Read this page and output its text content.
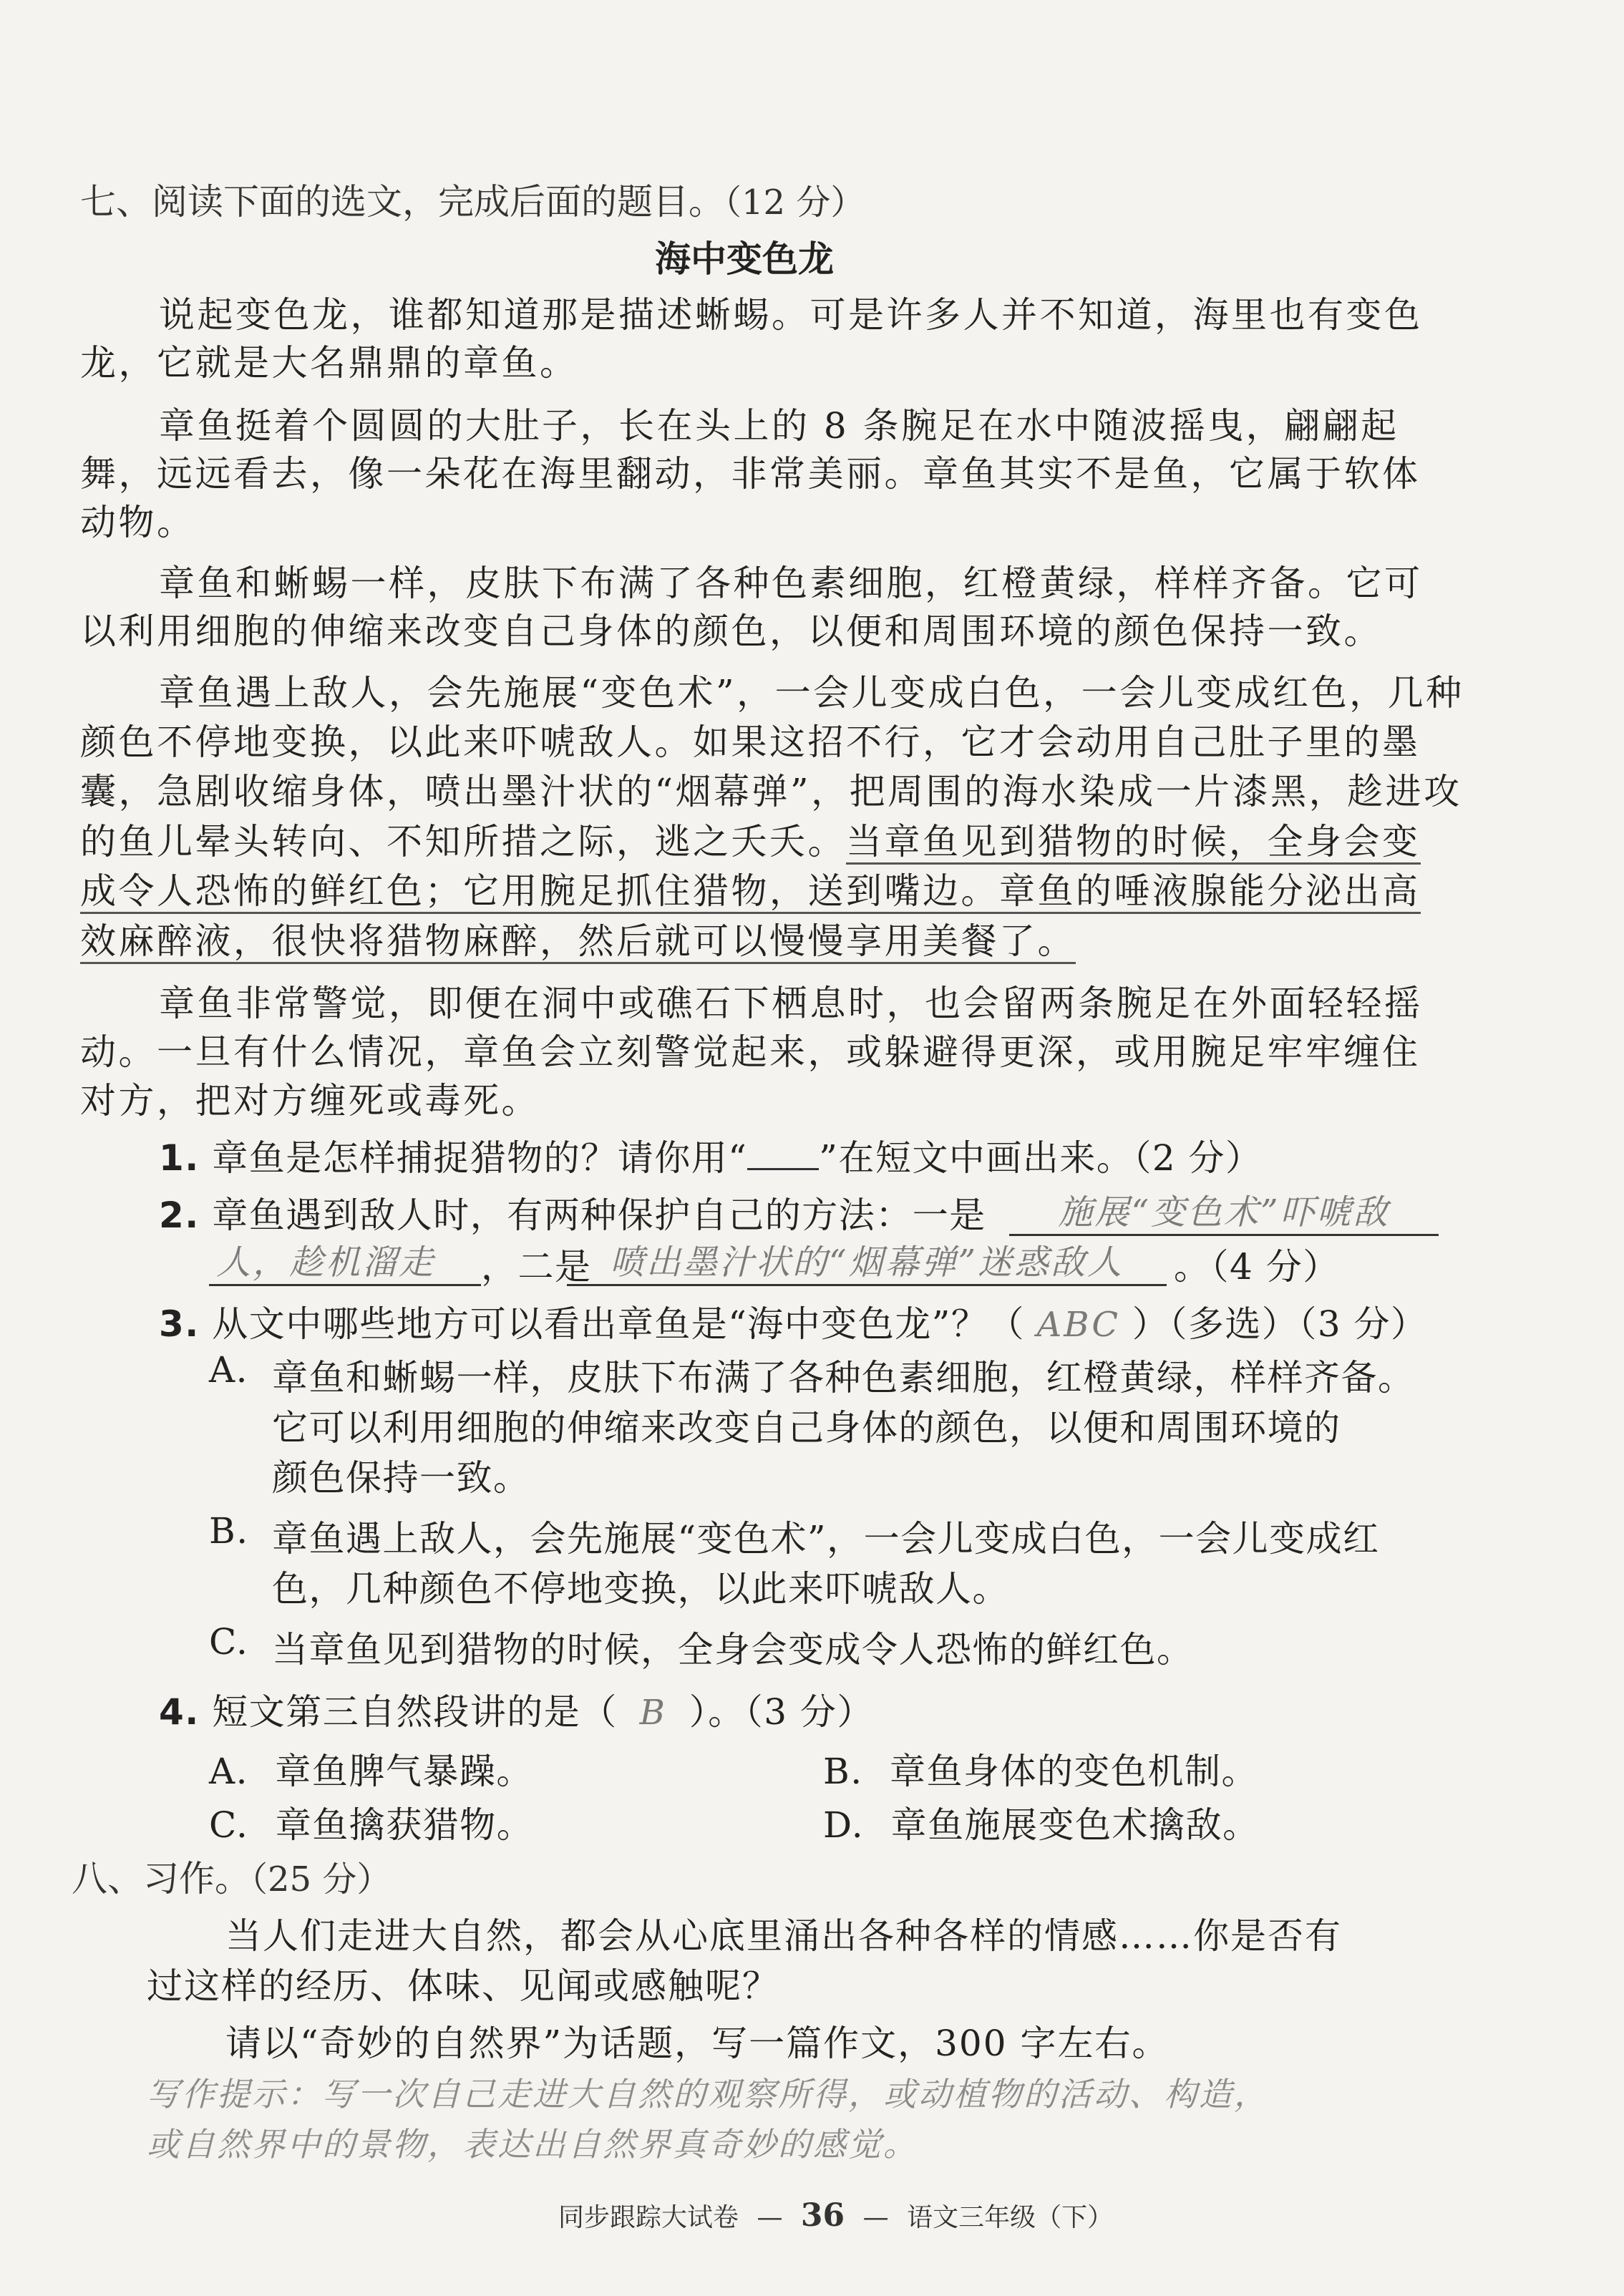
七、阅读下面的选文，完成后面的题目。（12 分）
海中变色龙
说起变色龙，谁都知道那是描述蜥蜴。可是许多人并不知道，海里也有变色
龙，它就是大名鼎鼎的章鱼。
章鱼挺着个圆圆的大肚子，长在头上的 8 条腕足在水中随波摇曳，翩翩起
舞，远远看去，像一朵花在海里翻动，非常美丽。章鱼其实不是鱼，它属于软体
动物。
章鱼和蜥蜴一样，皮肤下布满了各种色素细胞，红橙黄绿，样样齐备。它可
以利用细胞的伸缩来改变自己身体的颜色，以便和周围环境的颜色保持一致。
章鱼遇上敌人，会先施展“变色术”，一会儿变成白色，一会儿变成红色，几种
颜色不停地变换，以此来吓唬敌人。如果这招不行，它才会动用自己肚子里的墨
囊，急剧收缩身体，喷出墨汁状的“烟幕弹”，把周围的海水染成一片漆黑，趁进攻
的鱼儿晕头转向、不知所措之际，逃之夭夭。当章鱼见到猎物的时候，全身会变
成令人恐怖的鲜红色；它用腕足抓住猎物，送到嘴边。章鱼的唾液腺能分泌出高
效麻醉液，很快将猎物麻醉，然后就可以慢慢享用美餐了。
章鱼非常警觉，即便在洞中或礁石下栖息时，也会留两条腕足在外面轻轻摇
动。一旦有什么情况，章鱼会立刻警觉起来，或躲避得更深，或用腕足牢牢缠住
对方，把对方缠死或毒死。
1. 章鱼是怎样捕捉猎物的？请你用“ ”在短文中画出来。（2 分）
2. 章鱼遇到敌人时，有两种保护自己的方法：一是	施展“变色术”吓唬敌
人，趁机溜走	，二是 喷出墨汁状的“烟幕弹”迷惑敌人	。（4 分）
3. 从文中哪些地方可以看出章鱼是“海中变色龙”？（ ABC ）（多选）（3 分）
A. 章鱼和蜥蜴一样，皮肤下布满了各种色素细胞，红橙黄绿，样样齐备。
它可以利用细胞的伸缩来改变自己身体的颜色，以便和周围环境的
颜色保持一致。
B. 章鱼遇上敌人，会先施展“变色术”，一会儿变成白色，一会儿变成红
色，几种颜色不停地变换，以此来吓唬敌人。
C. 当章鱼见到猎物的时候，全身会变成令人恐怖的鲜红色。
4. 短文第三自然段讲的是（ B ）。（3 分）
A. 章鱼脾气暴躁。	B. 章鱼身体的变色机制。
C. 章鱼擒获猎物。	D. 章鱼施展变色术擒敌。
八、习作。（25 分）
当人们走进大自然，都会从心底里涌出各种各样的情感……你是否有
过这样的经历、体味、见闻或感触呢？
请以“奇妙的自然界”为话题，写一篇作文，300 字左右。
写作提示：写一次自己走进大自然的观察所得，或动植物的活动、构造，
或自然界中的景物，表达出自然界真奇妙的感觉。
同步跟踪大试卷 — 36 — 语文三年级（下）
